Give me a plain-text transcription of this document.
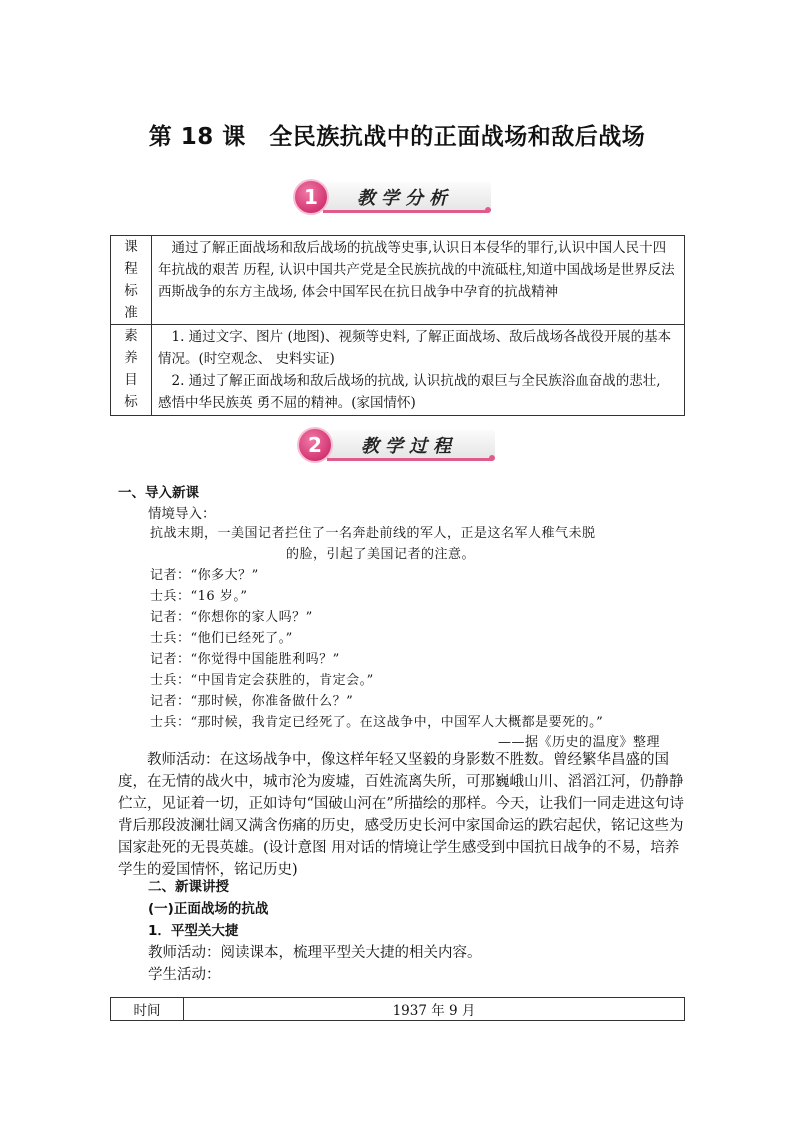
第 18 课　全民族抗战中的正面战场和敌后战场
教学分析
1
课程标准	通过了解正面战场和敌后战场的抗战等史事,认识日本侵华的罪行,认识中国人民十四年抗战的艰苦 历程, 认识中国共产党是全民族抗战的中流砥柱,知道中国战场是世界反法西斯战争的东方主战场, 体会中国军民在抗日战争中孕育的抗战精神

素养目标	1. 通过文字、图片 (地图)、视频等史料, 了解正面战场、敌后战场各战役开展的基本情况。(时空观念、 史料实证)

2. 通过了解正面战场和敌后战场的抗战, 认识抗战的艰巨与全民族浴血奋战的悲壮, 感悟中华民族英 勇不屈的精神。(家国情怀)

教学过程
2
一、导入新课
情境导入：
抗战末期，一美国记者拦住了一名奔赴前线的军人，正是这名军人稚气未脱
的脸，引起了美国记者的注意。
记者：“你多大？”
士兵：“16 岁。”
记者：“你想你的家人吗？”
士兵：“他们已经死了。”
记者：“你觉得中国能胜利吗？”
士兵：“中国肯定会获胜的，肯定会。”
记者：“那时候，你准备做什么？”
士兵：“那时候，我肯定已经死了。在这战争中，中国军人大概都是要死的。”
——据《历史的温度》整理

教师活动：在这场战争中，像这样年轻又坚毅的身影数不胜数。曾经繁华昌盛的国度，在无情的战火中，城市沦为废墟，百姓流离失所，可那巍峨山川、滔滔江河，仍静静伫立，见证着一切，正如诗句“国破山河在”所描绘的那样。今天，让我们一同走进这句诗背后那段波澜壮阔又满含伤痛的历史，感受历史长河中家国命运的跌宕起伏，铭记这些为国家赴死的无畏英雄。(设计意图 用对话的情境让学生感受到中国抗日战争的不易，培养学生的爱国情怀，铭记历史)

二、新课讲授
(一)正面战场的抗战
1．平型关大捷
教师活动：阅读课本，梳理平型关大捷的相关内容。
学生活动：
时间	1937 年 9 月
